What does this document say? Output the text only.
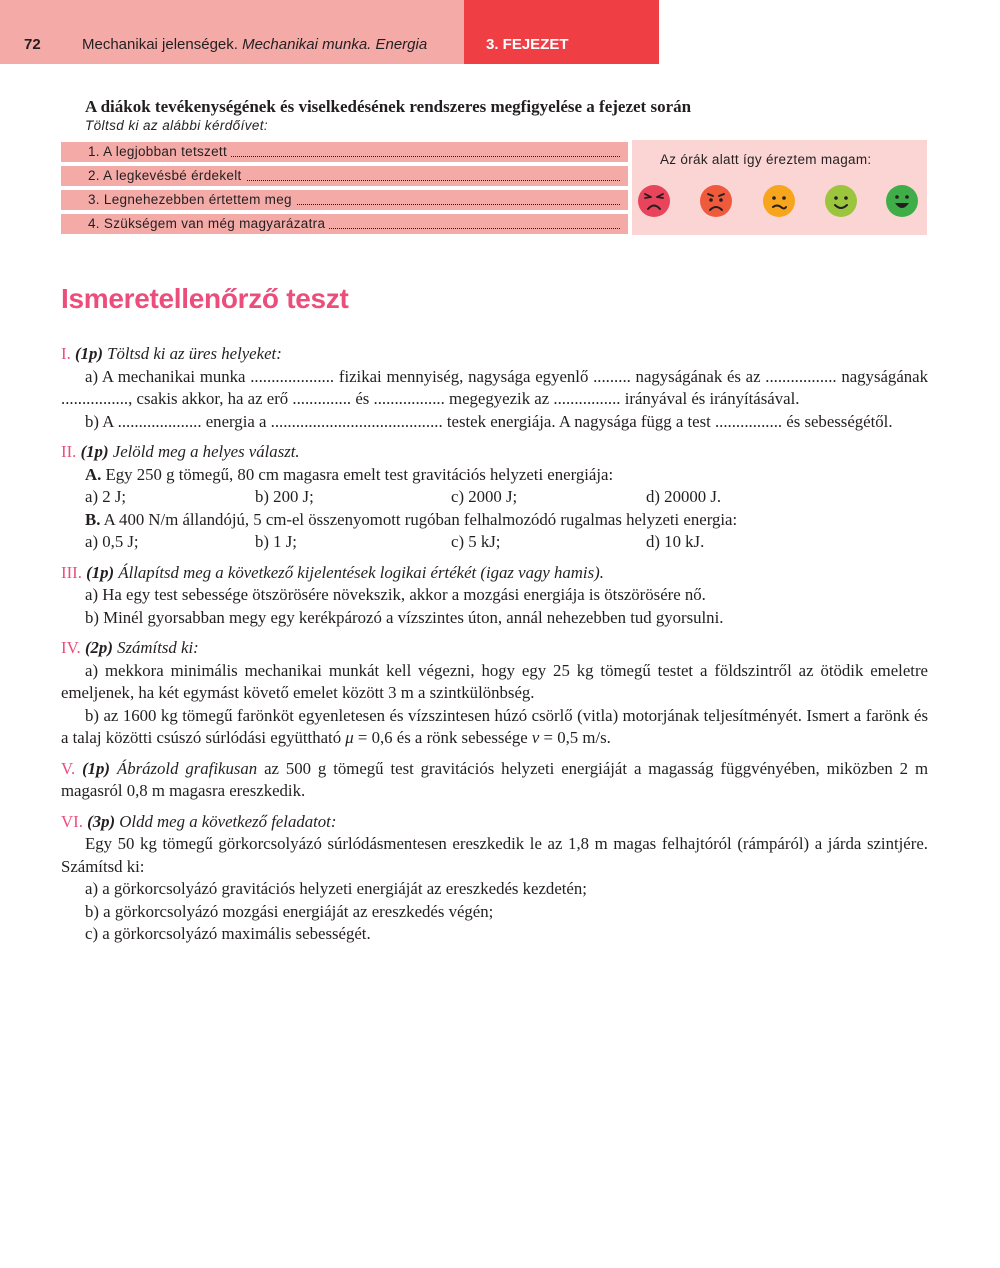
72	Mechanikai jelenségek. Mechanikai munka. Energia	3. FEJEZET
A diákok tevékenységének és viselkedésének rendszeres megfigyelése a fejezet során
Töltsd ki az alábbi kérdőívet:
1. A legjobban tetszett
2. A legkevésbé érdekelt
3. Legnehezebben értettem meg
4. Szükségem van még magyarázatra
Az órák alatt így éreztem magam:
Ismeretellenőrző teszt
I. (1p) Töltsd ki az üres helyeket:
a) A mechanikai munka .................... fizikai mennyiség, nagysága egyenlő ......... nagyságának és az ................. nagyságának ................, csakis akkor, ha az erő .............. és ................. megegyezik az ................ irányával és irányításával.
b) A .................... energia a ......................................... testek energiája. A nagysága függ a test ................ és sebességétől.
II. (1p) Jelöld meg a helyes választ.
A. Egy 250 g tömegű, 80 cm magasra emelt test gravitációs helyzeti energiája:
a) 2 J;	b) 200 J;	c) 2000 J;	d) 20000 J.
B. A 400 N/m állandójú, 5 cm-el összenyomott rugóban felhalmozódó rugalmas helyzeti energia:
a) 0,5 J;	b) 1 J;	c) 5 kJ;	d) 10 kJ.
III. (1p) Állapítsd meg a következő kijelentések logikai értékét (igaz vagy hamis).
a) Ha egy test sebessége ötszörösére növekszik, akkor a mozgási energiája is ötszörösére nő.
b) Minél gyorsabban megy egy kerékpározó a vízszintes úton, annál nehezebben tud gyorsulni.
IV. (2p) Számítsd ki:
a) mekkora minimális mechanikai munkát kell végezni, hogy egy 25 kg tömegű testet a földszintről az ötödik emeletre emeljenek, ha két egymást követő emelet között 3 m a szintkülönbség.
b) az 1600 kg tömegű farönköt egyenletesen és vízszintesen húzó csörlő (vitla) motorjának teljesítményét. Ismert a farönk és a talaj közötti csúszó súrlódási együttható μ = 0,6 és a rönk sebessége v = 0,5 m/s.
V. (1p) Ábrázold grafikusan az 500 g tömegű test gravitációs helyzeti energiáját a magasság függvényében, miközben 2 m magasról 0,8 m magasra ereszkedik.
VI. (3p) Oldd meg a következő feladatot:
Egy 50 kg tömegű görkorcsolyázó súrlódásmentesen ereszkedik le az 1,8 m magas felhajtóról (rámpáról) a járda szintjére. Számítsd ki:
a) a görkorcsolyázó gravitációs helyzeti energiáját az ereszkedés kezdetén;
b) a görkorcsolyázó mozgási energiáját az ereszkedés végén;
c) a görkorcsolyázó maximális sebességét.
